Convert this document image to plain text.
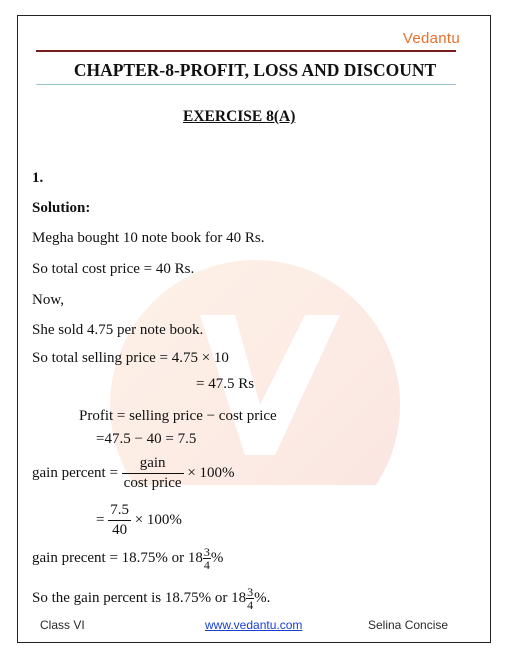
Vedantu
CHAPTER-8-PROFIT, LOSS AND DISCOUNT
EXERCISE 8(A)
1.
Solution:
Megha bought 10 note book for 40 Rs.
So total cost price = 40 Rs.
Now,
She sold 4.75 per note book.
So total selling price = 4.75 × 10
= 47.5 Rs
Profit = selling price − cost price
=47.5 − 40 = 7.5
gain percent = $\frac{\text{gain}}{\text{cost price}} \times 100\%$
= $\frac{7.5}{40} \times 100\%$
gain precent = 18.75% or $18 \frac{3}{4}$ %
So the gain percent is 18.75% or $18 \frac{3}{4}$ %.
Class VI	www.vedantu.com	Selina Concise
